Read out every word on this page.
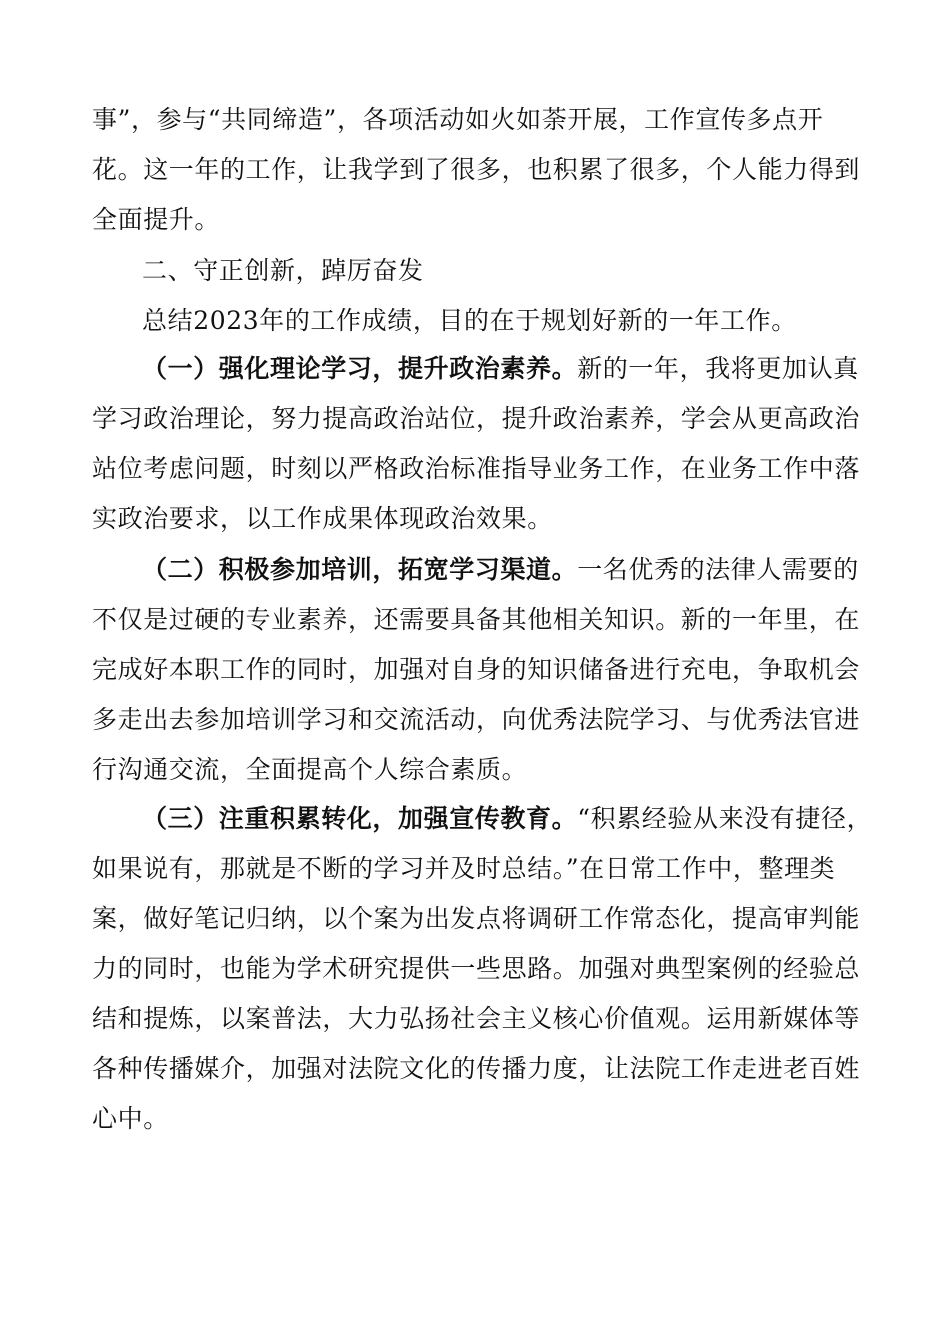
事”，参与“共同缔造”，各项活动如火如荼开展，工作宣传多点开
花。这一年的工作，让我学到了很多，也积累了很多，个人能力得到
全面提升。
二、守正创新，踔厉奋发
总结2023年的工作成绩，目的在于规划好新的一年工作。
（一）强化理论学习，提升政治素养。新的一年，我将更加认真
学习政治理论，努力提高政治站位，提升政治素养，学会从更高政治
站位考虑问题，时刻以严格政治标准指导业务工作，在业务工作中落
实政治要求，以工作成果体现政治效果。
（二）积极参加培训，拓宽学习渠道。一名优秀的法律人需要的
不仅是过硬的专业素养，还需要具备其他相关知识。新的一年里，在
完成好本职工作的同时，加强对自身的知识储备进行充电，争取机会
多走出去参加培训学习和交流活动，向优秀法院学习、与优秀法官进
行沟通交流，全面提高个人综合素质。
（三）注重积累转化，加强宣传教育。“积累经验从来没有捷径，
如果说有，那就是不断的学习并及时总结。”在日常工作中，整理类
案，做好笔记归纳，以个案为出发点将调研工作常态化，提高审判能
力的同时，也能为学术研究提供一些思路。加强对典型案例的经验总
结和提炼，以案普法，大力弘扬社会主义核心价值观。运用新媒体等
各种传播媒介，加强对法院文化的传播力度，让法院工作走进老百姓
心中。
